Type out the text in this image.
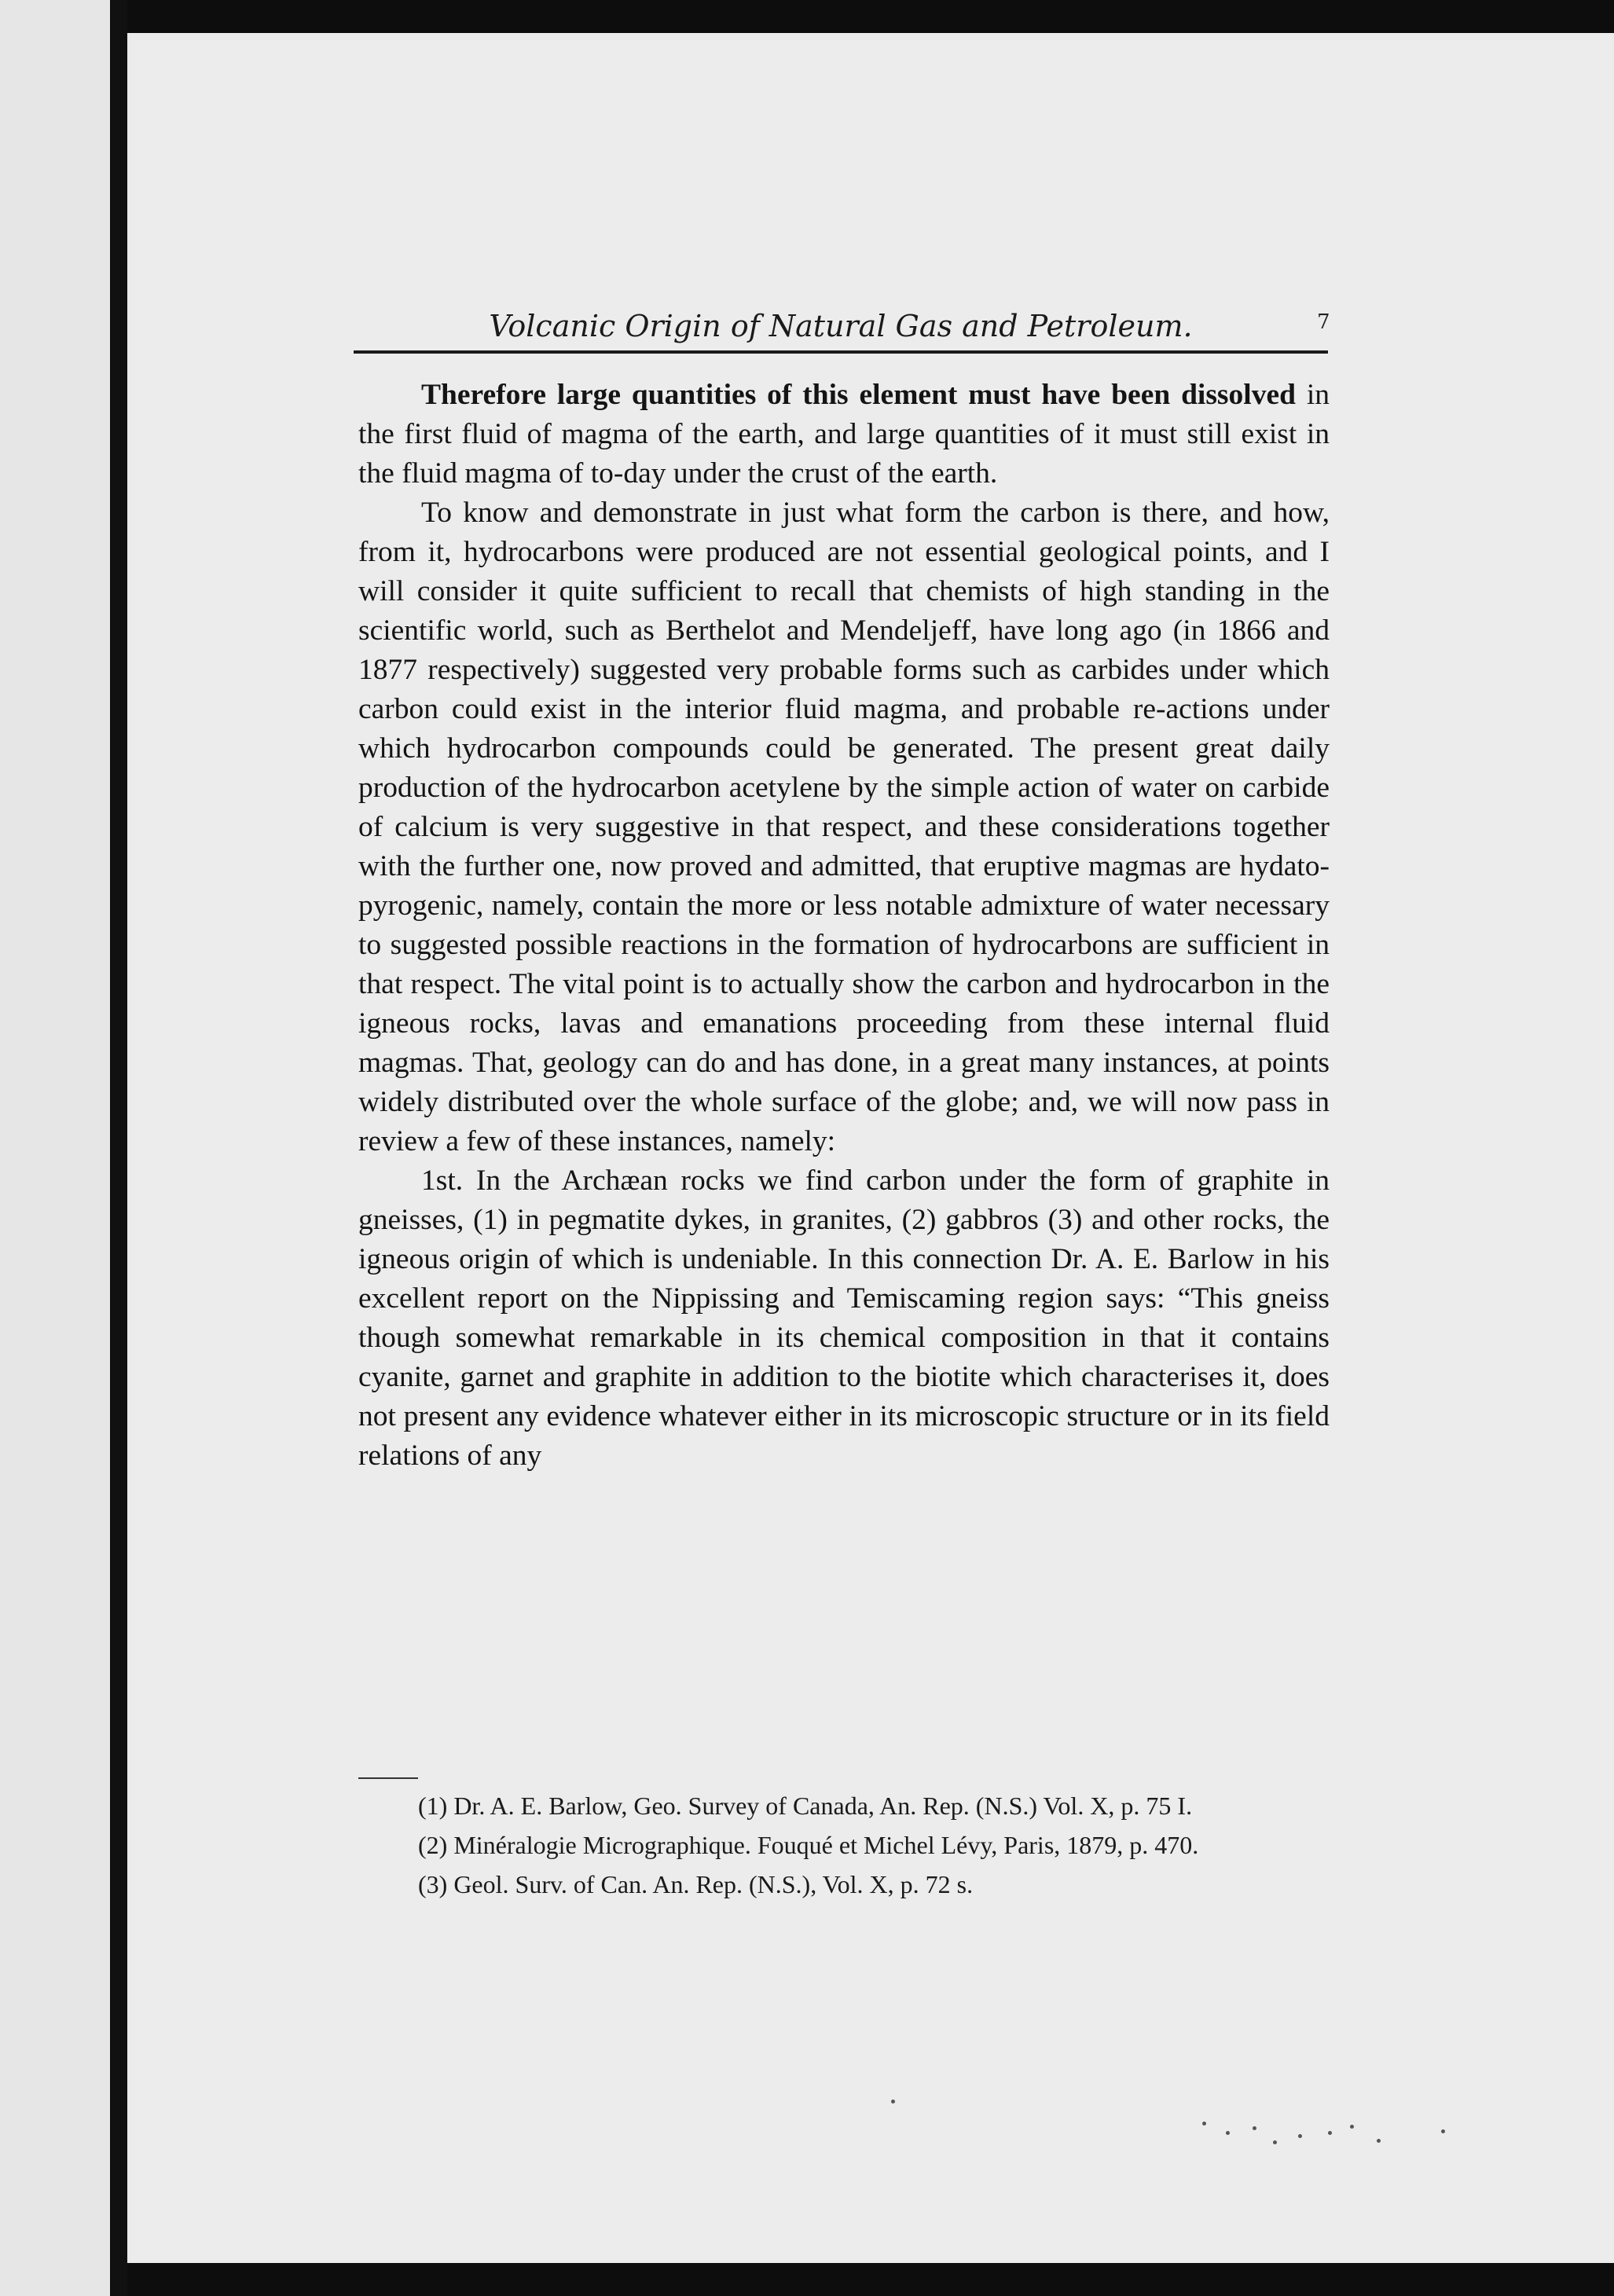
Volcanic Origin of Natural Gas and Petroleum.	7

Therefore large quantities of this element must have been dissolved in the first fluid of magma of the earth, and large quantities of it must still exist in the fluid magma of to-day under the crust of the earth.

To know and demonstrate in just what form the carbon is there, and how, from it, hydrocarbons were produced are not essential geological points, and I will consider it quite sufficient to recall that chemists of high standing in the scientific world, such as Berthelot and Mendeljeff, have long ago (in 1866 and 1877 respectively) suggested very probable forms such as carbides under which carbon could exist in the interior fluid magma, and probable re-actions under which hydrocarbon compounds could be generated. The present great daily production of the hydrocarbon acetylene by the simple action of water on carbide of calcium is very suggestive in that respect, and these considerations together with the further one, now proved and admitted, that eruptive magmas are hydato-pyrogenic, namely, contain the more or less notable admixture of water necessary to suggested possible reactions in the formation of hydrocarbons are sufficient in that respect. The vital point is to actually show the carbon and hydrocarbon in the igneous rocks, lavas and emanations proceeding from these internal fluid magmas. That, geology can do and has done, in a great many instances, at points widely distributed over the whole surface of the globe; and, we will now pass in review a few of these instances, namely:

1st. In the Archæan rocks we find carbon under the form of graphite in gneisses, (1) in pegmatite dykes, in granites, (2) gabbros (3) and other rocks, the igneous origin of which is undeniable. In this connection Dr. A. E. Barlow in his excellent report on the Nippissing and Temiscaming region says: “This gneiss though somewhat remarkable in its chemical composition in that it contains cyanite, garnet and graphite in addition to the biotite which characterises it, does not present any evidence whatever either in its microscopic structure or in its field relations of any

(1) Dr. A. E. Barlow, Geo. Survey of Canada, An. Rep. (N.S.) Vol. X, p. 75 I.

(2) Minéralogie Micrographique. Fouqué et Michel Lévy, Paris, 1879, p. 470.

(3) Geol. Surv. of Can. An. Rep. (N.S.), Vol. X, p. 72 s.
